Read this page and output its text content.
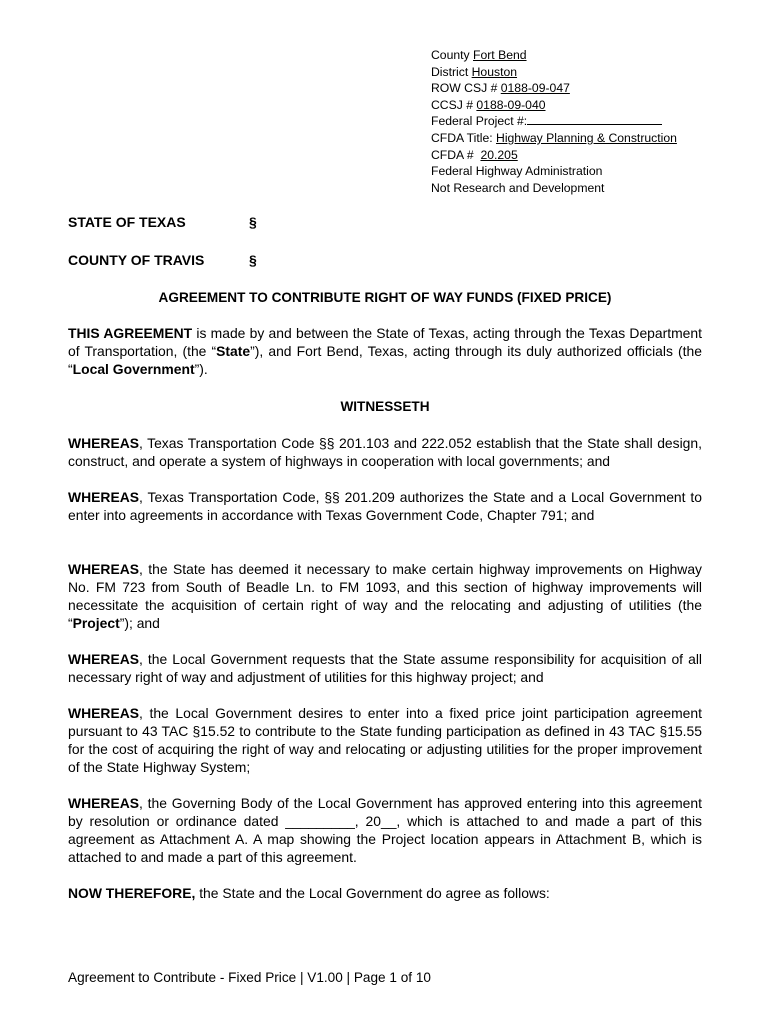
County Fort Bend
District Houston
ROW CSJ # 0188-09-047
CCSJ # 0188-09-040
Federal Project #:
CFDA Title: Highway Planning & Construction
CFDA #  20.205
Federal Highway Administration
Not Research and Development
STATE OF TEXAS	§
COUNTY OF TRAVIS	§
AGREEMENT TO CONTRIBUTE RIGHT OF WAY FUNDS (FIXED PRICE)
THIS AGREEMENT is made by and between the State of Texas, acting through the Texas Department of Transportation, (the “State”), and Fort Bend, Texas, acting through its duly authorized officials (the “Local Government”).
WITNESSETH
WHEREAS, Texas Transportation Code §§ 201.103 and 222.052 establish that the State shall design, construct, and operate a system of highways in cooperation with local governments; and
WHEREAS, Texas Transportation Code, §§ 201.209 authorizes the State and a Local Government to enter into agreements in accordance with Texas Government Code, Chapter 791; and
WHEREAS, the State has deemed it necessary to make certain highway improvements on Highway No. FM 723 from South of Beadle Ln. to FM 1093, and this section of highway improvements will necessitate the acquisition of certain right of way and the relocating and adjusting of utilities (the “Project”); and
WHEREAS, the Local Government requests that the State assume responsibility for acquisition of all necessary right of way and adjustment of utilities for this highway project; and
WHEREAS, the Local Government desires to enter into a fixed price joint participation agreement pursuant to 43 TAC §15.52 to contribute to the State funding participation as defined in 43 TAC §15.55 for the cost of acquiring the right of way and relocating or adjusting utilities for the proper improvement of the State Highway System;
WHEREAS, the Governing Body of the Local Government has approved entering into this agreement by resolution or ordinance dated _________, 20__, which is attached to and made a part of this agreement as Attachment A. A map showing the Project location appears in Attachment B, which is attached to and made a part of this agreement.
NOW THEREFORE, the State and the Local Government do agree as follows:
Agreement to Contribute - Fixed Price | V1.00 | Page 1 of 10
